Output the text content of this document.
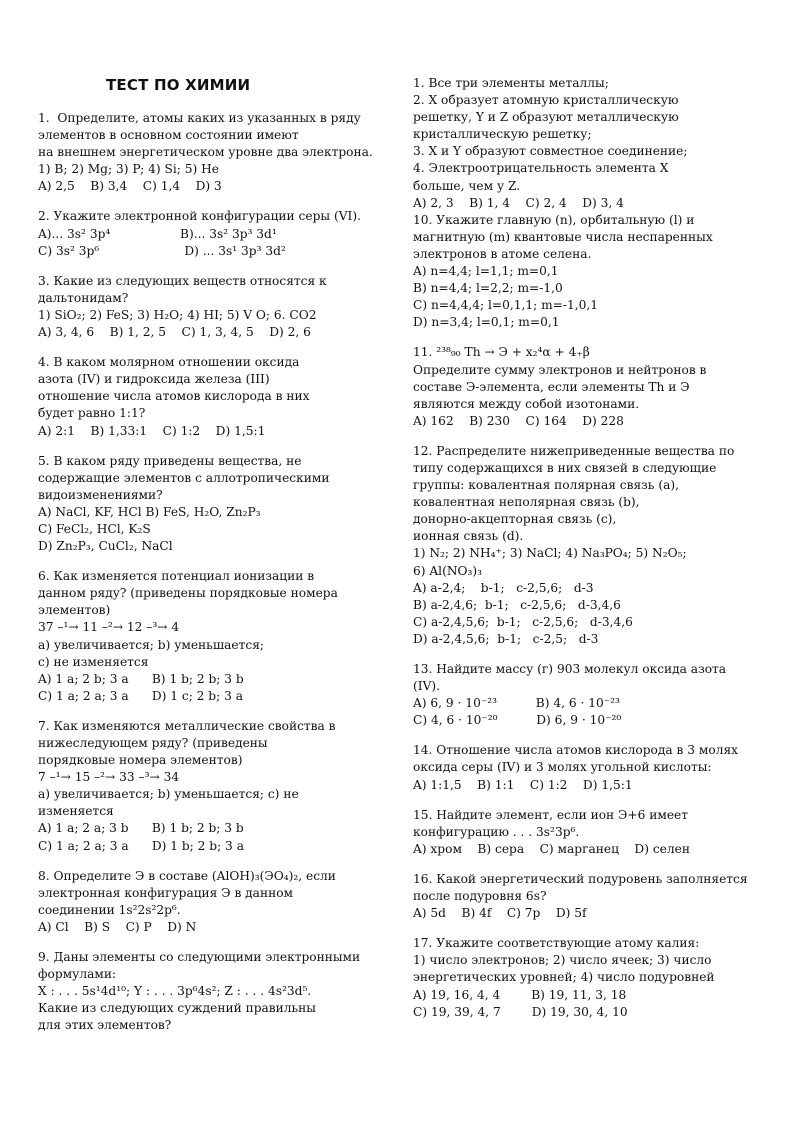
ТЕСТ ПО ХИМИИ
1.  Определите, атомы каких из указанных в ряду
элементов в основном состоянии имеют
на внешнем энергетическом уровне два электрона.
1) B; 2) Mg; 3) P; 4) Si; 5) He
A) 2,5    B) 3,4    C) 1,4    D) 3
2. Укажите электронной конфигурации серы (VI).
A)... 3s² 3p⁴                  B)... 3s² 3p³ 3d¹
C) 3s² 3p⁶                      D) ... 3s¹ 3p³ 3d²
3. Какие из следующих веществ относятся к
дальтонидам?
1) SiO₂; 2) FeS; 3) H₂O; 4) HI; 5) V O; 6. CO2
A) 3, 4, 6    B) 1, 2, 5    C) 1, 3, 4, 5    D) 2, 6
4. В каком молярном отношении оксида
азота (IV) и гидроксида железа (III)
отношение числа атомов кислорода в них
будет равно 1:1?
A) 2:1    B) 1,33:1    C) 1:2    D) 1,5:1
5. В каком ряду приведены вещества, не
содержащие элементов с аллотропическими
видоизменениями?
A) NaCl, KF, HCl B) FeS, H₂O, Zn₂P₃
C) FeCl₂, HCl, K₂S
D) Zn₂P₃, CuCl₂, NaCl
6. Как изменяется потенциал ионизации в
данном ряду? (приведены порядковые номера
элементов)
37 –¹→ 11 –²→ 12 –³→ 4
a) увеличивается; b) уменьшается;
c) не изменяется
A) 1 a; 2 b; 3 a      B) 1 b; 2 b; 3 b
C) 1 a; 2 a; 3 a      D) 1 c; 2 b; 3 a
7. Как изменяются металлические свойства в
нижеследующем ряду? (приведены
порядковые номера элементов)
7 –¹→ 15 –²→ 33 –³→ 34
a) увеличивается; b) уменьшается; c) не
изменяется
A) 1 a; 2 a; 3 b      B) 1 b; 2 b; 3 b
C) 1 a; 2 a; 3 a      D) 1 b; 2 b; 3 a
8. Определите Э в составе (AlOH)₃(ЭO₄)₂, если
электронная конфигурация Э в данном
соединении 1s²2s²2p⁶.
A) Cl    B) S    C) P    D) N
9. Даны элементы со следующими электронными
формулами:
X : . . . 5s¹4d¹⁰; Y : . . . 3p⁶4s²; Z : . . . 4s²3d⁵.
Какие из следующих суждений правильны
для этих элементов?
1. Все три элементы металлы;
2. X образует атомную кристаллическую
решетку, Y и Z образуют металлическую
кристаллическую решетку;
3. X и Y образуют совместное соединение;
4. Электроотрицательность элемента X
больше, чем у Z.
A) 2, 3    B) 1, 4    C) 2, 4    D) 3, 4
10. Укажите главную (n), орбитальную (l) и
магнитную (m) квантовые числа неспаренных
электронов в атоме селена.
A) n=4,4; l=1,1; m=0,1
B) n=4,4; l=2,2; m=-1,0
C) n=4,4,4; l=0,1,1; m=-1,0,1
D) n=3,4; l=0,1; m=0,1
11. ²³⁸₉₀ Th → Э + x₂⁴α + 4₊β
Определите сумму электронов и нейтронов в
составе Э-элемента, если элементы Th и Э
являются между собой изотонами.
A) 162    B) 230    C) 164    D) 228
12. Распределите нижеприведенные вещества по
типу содержащихся в них связей в следующие
группы: ковалентная полярная связь (a),
ковалентная неполярная связь (b),
донорно-акцепторная связь (c),
ионная связь (d).
1) N₂; 2) NH₄⁺; 3) NaCl; 4) Na₃PO₄; 5) N₂O₅;
6) Al(NO₃)₃
A) a-2,4;    b-1;   c-2,5,6;   d-3
B) a-2,4,6;  b-1;   c-2,5,6;   d-3,4,6
C) a-2,4,5,6;  b-1;   c-2,5,6;   d-3,4,6
D) a-2,4,5,6;  b-1;   c-2,5;   d-3
13. Найдите массу (г) 903 молекул оксида азота
(IV).
A) 6, 9 · 10⁻²³          B) 4, 6 · 10⁻²³
C) 4, 6 · 10⁻²⁰          D) 6, 9 · 10⁻²⁰
14. Отношение числа атомов кислорода в 3 молях
оксида серы (IV) и 3 молях угольной кислоты:
A) 1:1,5    B) 1:1    C) 1:2    D) 1,5:1
15. Найдите элемент, если ион Э+6 имеет
конфигурацию . . . 3s²3p⁶.
A) хром    B) сера    C) марганец    D) селен
16. Какой энергетический подуровень заполняется
после подуровня 6s?
A) 5d    B) 4f    C) 7p    D) 5f
17. Укажите соответствующие атому калия:
1) число электронов; 2) число ячеек; 3) число
энергетических уровней; 4) число подуровней
A) 19, 16, 4, 4        B) 19, 11, 3, 18
C) 19, 39, 4, 7        D) 19, 30, 4, 10
